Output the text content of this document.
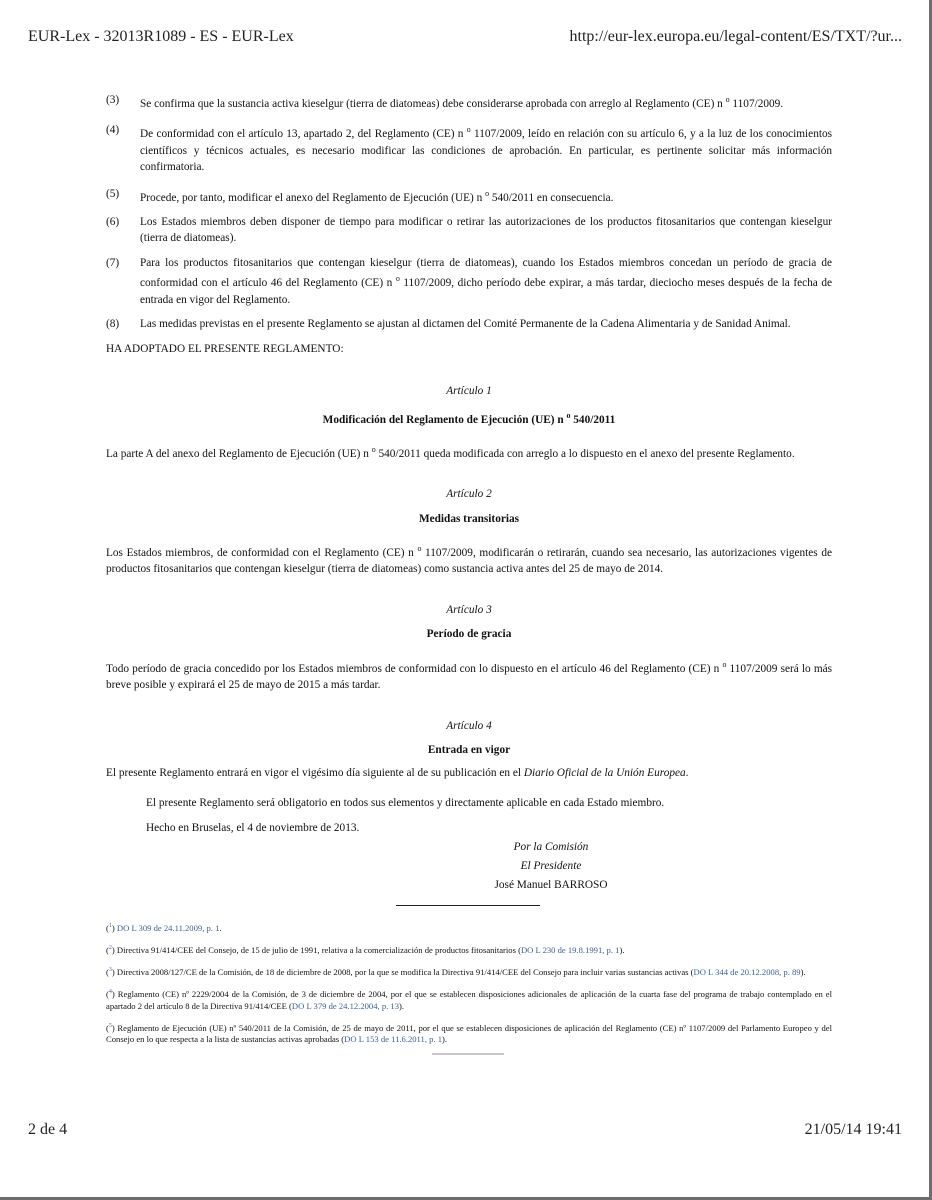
EUR-Lex - 32013R1089 - ES - EUR-Lex	http://eur-lex.europa.eu/legal-content/ES/TXT/?ur...
(3)	Se confirma que la sustancia activa kieselgur (tierra de diatomeas) debe considerarse aprobada con arreglo al Reglamento (CE) n $^o$ 1107/2009.
(4)	De conformidad con el artículo 13, apartado 2, del Reglamento (CE) n $^o$ 1107/2009, leído en relación con su artículo 6, y a la luz de los conocimientos científicos y técnicos actuales, es necesario modificar las condiciones de aprobación. En particular, es pertinente solicitar más información confirmatoria.
(5)	Procede, por tanto, modificar el anexo del Reglamento de Ejecución (UE) n $^o$ 540/2011 en consecuencia.
(6)	Los Estados miembros deben disponer de tiempo para modificar o retirar las autorizaciones de los productos fitosanitarios que contengan kieselgur (tierra de diatomeas).
(7)	Para los productos fitosanitarios que contengan kieselgur (tierra de diatomeas), cuando los Estados miembros concedan un período de gracia de conformidad con el artículo 46 del Reglamento (CE) n $^o$ 1107/2009, dicho período debe expirar, a más tardar, dieciocho meses después de la fecha de entrada en vigor del Reglamento.
(8)	Las medidas previstas en el presente Reglamento se ajustan al dictamen del Comité Permanente de la Cadena Alimentaria y de Sanidad Animal.

HA ADOPTADO EL PRESENTE REGLAMENTO:

Artículo 1

Modificación del Reglamento de Ejecución (UE) n $^o$ 540/2011

La parte A del anexo del Reglamento de Ejecución (UE) n $^o$ 540/2011 queda modificada con arreglo a lo dispuesto en el anexo del presente Reglamento.

Artículo 2

Medidas transitorias

Los Estados miembros, de conformidad con el Reglamento (CE) n $^o$ 1107/2009, modificarán o retirarán, cuando sea necesario, las autorizaciones vigentes de productos fitosanitarios que contengan kieselgur (tierra de diatomeas) como sustancia activa antes del 25 de mayo de 2014.

Artículo 3

Período de gracia

Todo período de gracia concedido por los Estados miembros de conformidad con lo dispuesto en el artículo 46 del Reglamento (CE) n $^o$ 1107/2009 será lo más breve posible y expirará el 25 de mayo de 2015 a más tardar.

Artículo 4

Entrada en vigor

El presente Reglamento entrará en vigor el vigésimo día siguiente al de su publicación en el Diario Oficial de la Unión Europea.

El presente Reglamento será obligatorio en todos sus elementos y directamente aplicable en cada Estado miembro.

Hecho en Bruselas, el 4 de noviembre de 2013.

Por la Comisión
El Presidente
José Manuel BARROSO

($^1$) DO L 309 de 24.11.2009, p. 1.

($^2$) Directiva 91/414/CEE del Consejo, de 15 de julio de 1991, relativa a la comercialización de productos fitosanitarios (DO L 230 de 19.8.1991, p. 1).

($^3$) Directiva 2008/127/CE de la Comisión, de 18 de diciembre de 2008, por la que se modifica la Directiva 91/414/CEE del Consejo para incluir varias sustancias activas (DO L 344 de 20.12.2008, p. 89).

($^4$) Reglamento (CE) nº 2229/2004 de la Comisión, de 3 de diciembre de 2004, por el que se establecen disposiciones adicionales de aplicación de la cuarta fase del programa de trabajo contemplado en el apartado 2 del artículo 8 de la Directiva 91/414/CEE (DO L 379 de 24.12.2004, p. 13).

($^5$) Reglamento de Ejecución (UE) nº 540/2011 de la Comisión, de 25 de mayo de 2011, por el que se establecen disposiciones de aplicación del Reglamento (CE) nº 1107/2009 del Parlamento Europeo y del Consejo en lo que respecta a la lista de sustancias activas aprobadas (DO L 153 de 11.6.2011, p. 1).

2 de 4	21/05/14 19:41
